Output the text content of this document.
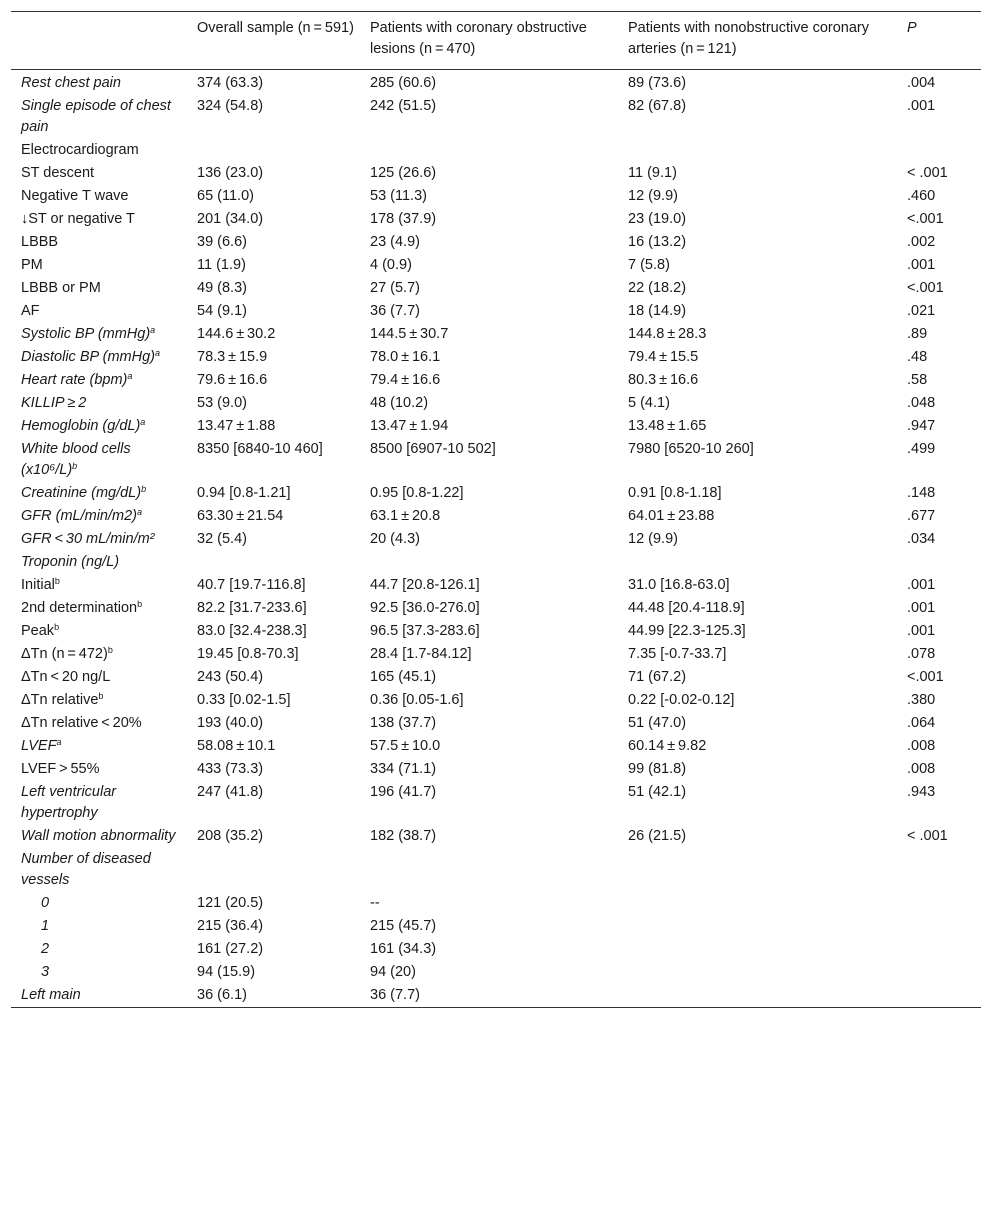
	Overall sample (n = 591)	Patients with coronary obstructive lesions (n = 470)	Patients with nonobstructive coronary arteries (n = 121)	P
Rest chest pain	374 (63.3)	285 (60.6)	89 (73.6)	.004
Single episode of chest pain	324 (54.8)	242 (51.5)	82 (67.8)	.001
Electrocardiogram				
ST descent	136 (23.0)	125 (26.6)	11 (9.1)	< .001
Negative T wave	65 (11.0)	53 (11.3)	12 (9.9)	.460
↓ST or negative T	201 (34.0)	178 (37.9)	23 (19.0)	<.001
LBBB	39 (6.6)	23 (4.9)	16 (13.2)	.002
PM	11 (1.9)	4 (0.9)	7 (5.8)	.001
LBBB or PM	49 (8.3)	27 (5.7)	22 (18.2)	<.001
AF	54 (9.1)	36 (7.7)	18 (14.9)	.021
Systolic BP (mmHg)$^a$	144.6 ± 30.2	144.5 ± 30.7	144.8 ± 28.3	.89
Diastolic BP (mmHg)$^a$	78.3 ± 15.9	78.0 ± 16.1	79.4 ± 15.5	.48
Heart rate (bpm)$^a$	79.6 ± 16.6	79.4 ± 16.6	80.3 ± 16.6	.58
KILLIP ≥ 2	53 (9.0)	48 (10.2)	5 (4.1)	.048
Hemoglobin $(g/dL)^a$	13.47 ± 1.88	13.47 ± 1.94	13.48 ± 1.65	.947
White blood cells $(x10^6/L)^b$	8350 [6840-10 460]	8500 [6907-10 502]	7980 [6520-10 260]	.499
Creatinine $(mg/dL)^b$	0.94 [0.8-1.21]	0.95 [0.8-1.22]	0.91 [0.8-1.18]	.148
GFR $(mL/\min/m2)^a$	63.30 ± 21.54	63.1 ± 20.8	64.01 ± 23.88	.677
GFR < 30 mL/min/m²	32 (5.4)	20 (4.3)	12 (9.9)	.034
Troponin (ng/L)				
Initial$^b$	40.7 [19.7-116.8]	44.7 [20.8-126.1]	31.0 [16.8-63.0]	.001
2nd determination$^b$	82.2 [31.7-233.6]	92.5 [36.0-276.0]	44.48 [20.4-118.9]	.001
Peak$^b$	83.0 [32.4-238.3]	96.5 [37.3-283.6]	44.99 [22.3-125.3]	.001
ΔTn (n = 472)$^b$	19.45 [0.8-70.3]	28.4 [1.7-84.12]	7.35 [-0.7-33.7]	.078
ΔTn < 20 ng/L	243 (50.4)	165 (45.1)	71 (67.2)	<.001
ΔTn relative$^b$	0.33 [0.02-1.5]	0.36 [0.05-1.6]	0.22 [-0.02-0.12]	.380
ΔTn relative < 20%	193 (40.0)	138 (37.7)	51 (47.0)	.064
LVEF$^a$	58.08 ± 10.1	57.5 ± 10.0	60.14 ± 9.82	.008
LVEF > 55%	433 (73.3)	334 (71.1)	99 (81.8)	.008
Left ventricular hypertrophy	247 (41.8)	196 (41.7)	51 (42.1)	.943
Wall motion abnormality	208 (35.2)	182 (38.7)	26 (21.5)	< .001
Number of diseased vessels				
0	121 (20.5)	--		
1	215 (36.4)	215 (45.7)		
2	161 (27.2)	161 (34.3)		
3	94 (15.9)	94 (20)		
Left main	36 (6.1)	36 (7.7)		
